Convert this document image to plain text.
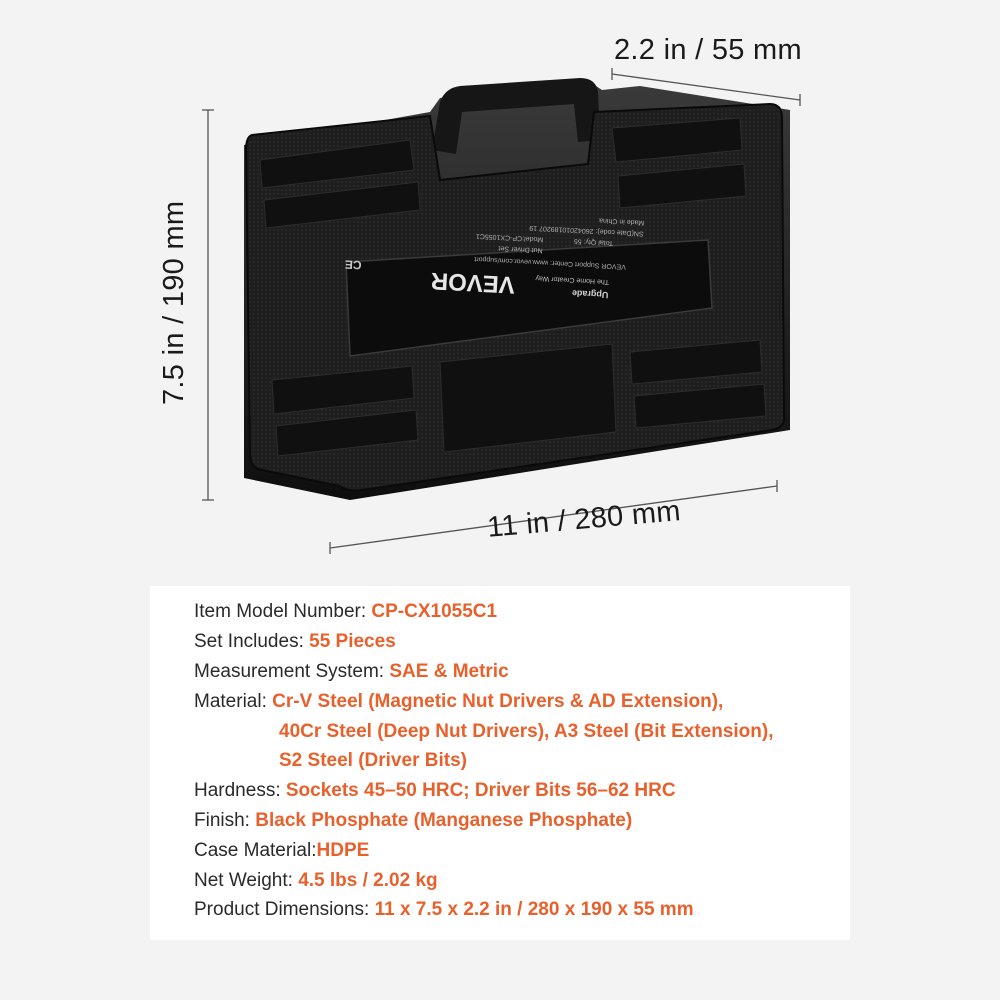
VEVOR	Upgrade
The Home Creator Way
VEVOR Support Center: www.vevor.com/support
Nut Driver Set
Model:CP-CX1055C1	Total Qty: 55
SN(Date code): 26042010189207 19
Made in China
CE
2.2 in / 55 mm
7.5 in / 190 mm
11 in / 280 mm
Item Model Number: CP-CX1055C1
Set Includes: 55 Pieces
Measurement System: SAE & Metric
Material: Cr-V Steel (Magnetic Nut Drivers & AD Extension),
40Cr Steel (Deep Nut Drivers), A3 Steel (Bit Extension),
S2 Steel (Driver Bits)
Hardness: Sockets 45–50 HRC; Driver Bits 56–62 HRC
Finish: Black Phosphate (Manganese Phosphate)
Case Material:HDPE
Net Weight: 4.5 lbs / 2.02 kg
Product Dimensions: 11 x 7.5 x 2.2 in / 280 x 190 x 55 mm
